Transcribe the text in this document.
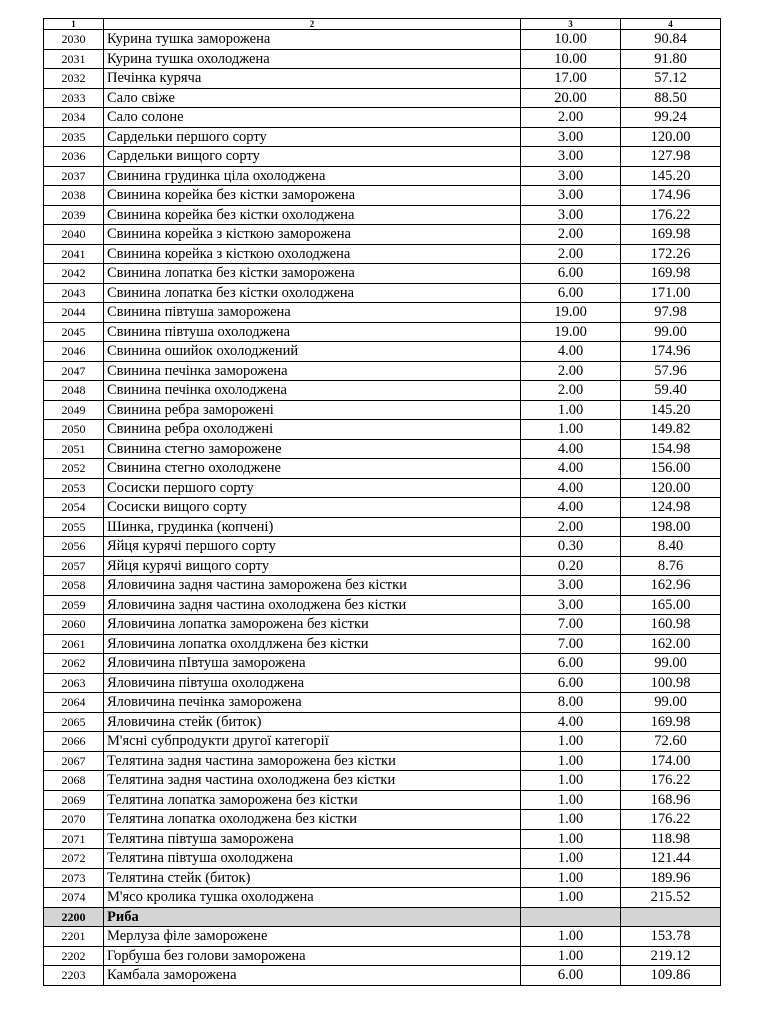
1	2	3	4
2030	Курина тушка заморожена	10.00	90.84
2031	Курина тушка охолоджена	10.00	91.80
2032	Печінка куряча	17.00	57.12
2033	Сало свіже	20.00	88.50
2034	Сало солоне	2.00	99.24
2035	Сардельки першого сорту	3.00	120.00
2036	Сардельки вищого сорту	3.00	127.98
2037	Свинина грудинка ціла охолоджена	3.00	145.20
2038	Свинина корейка без кістки заморожена	3.00	174.96
2039	Свинина корейка без кістки охолоджена	3.00	176.22
2040	Свинина корейка з кісткою заморожена	2.00	169.98
2041	Свинина корейка з кісткою охолоджена	2.00	172.26
2042	Свинина лопатка без кістки заморожена	6.00	169.98
2043	Свинина лопатка без кістки охолоджена	6.00	171.00
2044	Свинина півтуша заморожена	19.00	97.98
2045	Свинина півтуша охолоджена	19.00	99.00
2046	Свинина ошийок охолоджений	4.00	174.96
2047	Свинина печінка заморожена	2.00	57.96
2048	Свинина печінка охолоджена	2.00	59.40
2049	Свинина ребра заморожені	1.00	145.20
2050	Свинина ребра охолоджені	1.00	149.82
2051	Свинина стегно заморожене	4.00	154.98
2052	Свинина стегно охолоджене	4.00	156.00
2053	Сосиски першого сорту	4.00	120.00
2054	Сосиски вищого сорту	4.00	124.98
2055	Шинка, грудинка (копчені)	2.00	198.00
2056	Яйця курячі першого сорту	0.30	8.40
2057	Яйця курячі вищого сорту	0.20	8.76
2058	Яловичина задня частина заморожена без кістки	3.00	162.96
2059	Яловичина задня частина охолоджена без кістки	3.00	165.00
2060	Яловичина лопатка заморожена без кістки	7.00	160.98
2061	Яловичина лопатка охолдлжена без кістки	7.00	162.00
2062	Яловичина пІвтуша заморожена	6.00	99.00
2063	Яловичина півтуша охолоджена	6.00	100.98
2064	Яловичина печінка заморожена	8.00	99.00
2065	Яловичина стейк (биток)	4.00	169.98
2066	М'ясні субпродукти другої категорії	1.00	72.60
2067	Телятина задня частина заморожена без кістки	1.00	174.00
2068	Телятина задня частина охолоджена без кістки	1.00	176.22
2069	Телятина лопатка заморожена без кістки	1.00	168.96
2070	Телятина лопатка охолоджена без кістки	1.00	176.22
2071	Телятина півтуша заморожена	1.00	118.98
2072	Телятина півтуша охолоджена	1.00	121.44
2073	Телятина стейк (биток)	1.00	189.96
2074	М'ясо кролика тушка охолоджена	1.00	215.52
2200	Риба		
2201	Мерлуза філе заморожене	1.00	153.78
2202	Горбуша без голови заморожена	1.00	219.12
2203	Камбала заморожена	6.00	109.86
